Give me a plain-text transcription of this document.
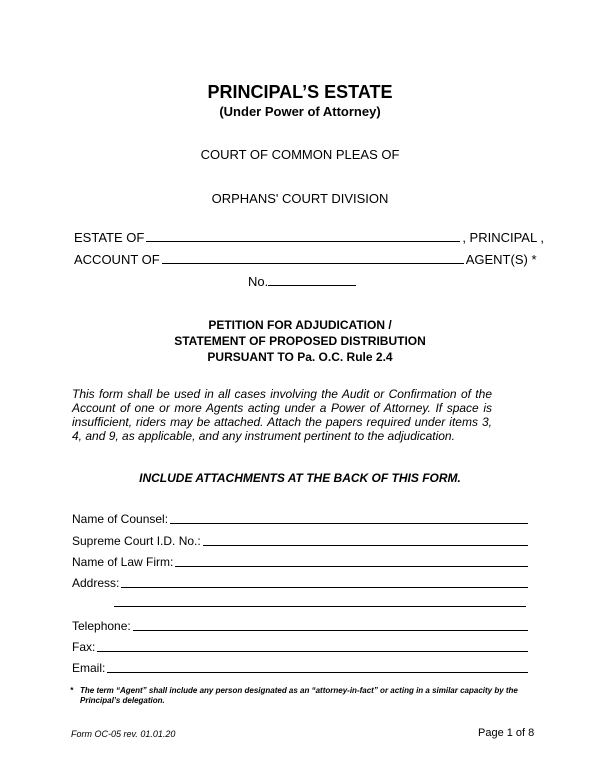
PRINCIPAL’S ESTATE
(Under Power of Attorney)
COURT OF COMMON PLEAS OF
ORPHANS' COURT DIVISION
ESTATE OF	, PRINCIPAL ,
ACCOUNT OF	AGENT(S) *
No.
PETITION FOR ADJUDICATION /
STATEMENT OF PROPOSED DISTRIBUTION
PURSUANT TO Pa. O.C. Rule 2.4
This form shall be used in all cases involving the Audit or Confirmation of the Account of one or more Agents acting under a Power of Attorney. If space is insufficient, riders may be attached. Attach the papers required under items 3, 4, and 9, as applicable, and any instrument pertinent to the adjudication.
INCLUDE ATTACHMENTS AT THE BACK OF THIS FORM.
Name of Counsel:
Supreme Court I.D. No.:
Name of Law Firm:
Address:
Telephone:
Fax:
Email:
* The term “Agent” shall include any person designated as an “attorney-in-fact” or acting in a similar capacity by the Principal’s delegation.
Form OC-05 rev. 01.01.20	Page 1 of 8
